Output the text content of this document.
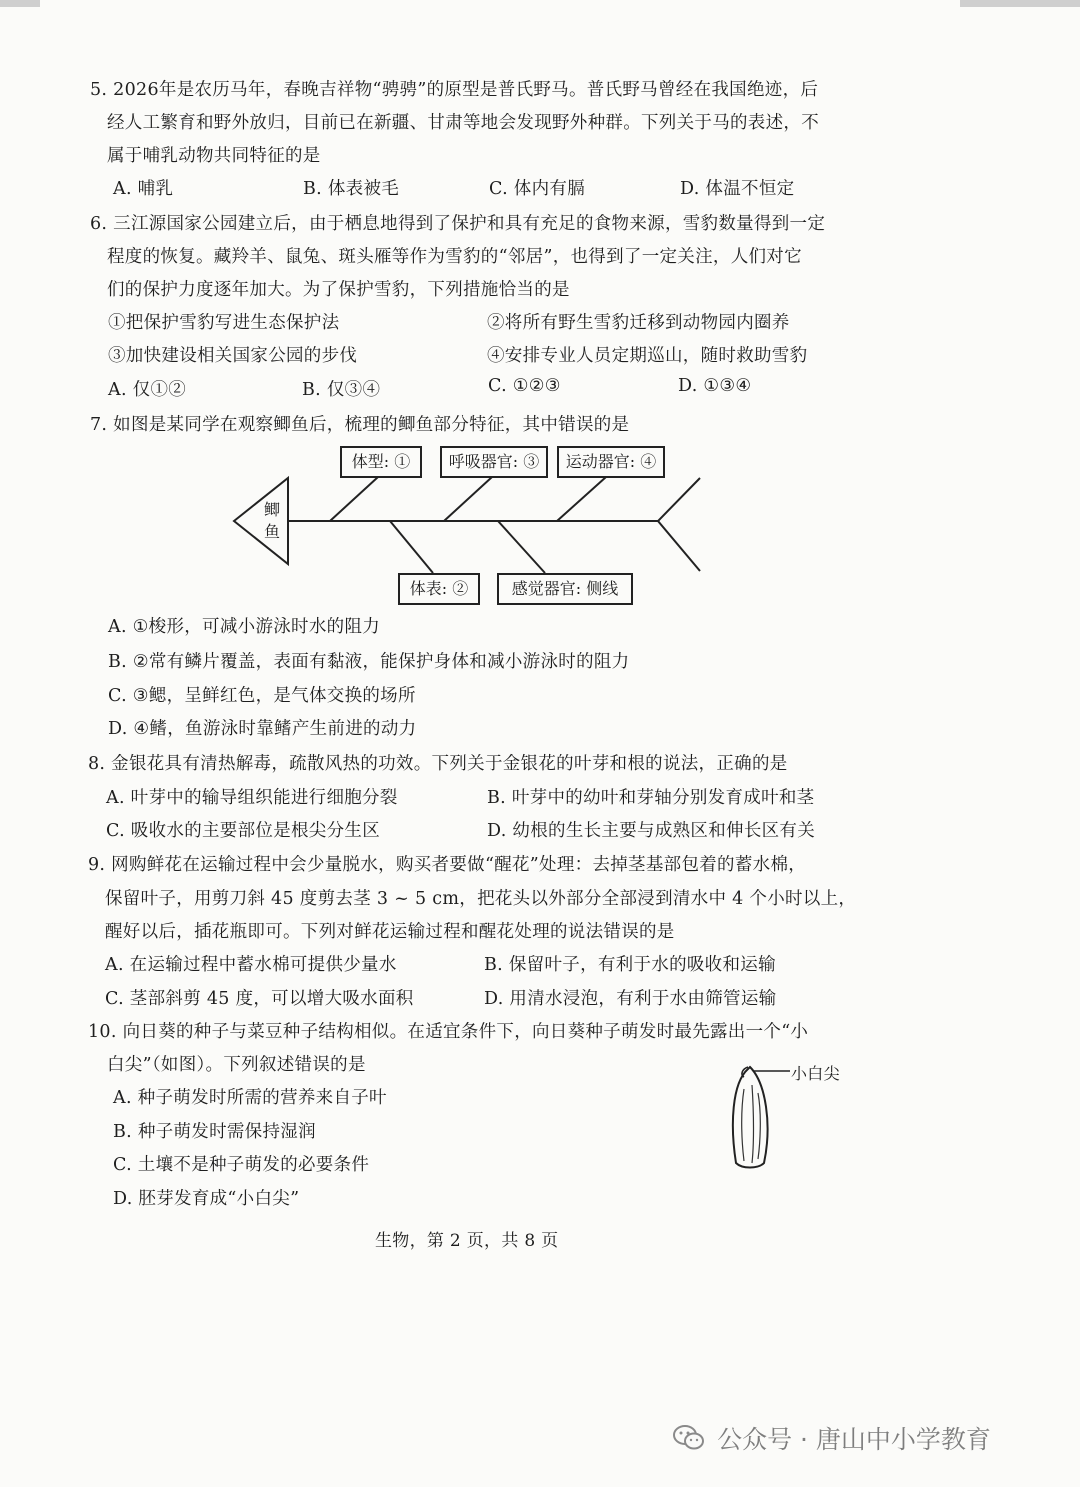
5. 2026年是农历马年，春晚吉祥物“骋骋”的原型是普氏野马。普氏野马曾经在我国绝迹，后
经人工繁育和野外放归，目前已在新疆、甘肃等地会发现野外种群。下列关于马的表述，不
属于哺乳动物共同特征的是
A. 哺乳	B. 体表被毛	C. 体内有膈	D. 体温不恒定
6. 三江源国家公园建立后，由于栖息地得到了保护和具有充足的食物来源，雪豹数量得到一定
程度的恢复。藏羚羊、鼠兔、斑头雁等作为雪豹的“邻居”，也得到了一定关注，人们对它
们的保护力度逐年加大。为了保护雪豹，下列措施恰当的是
①把保护雪豹写进生态保护法	②将所有野生雪豹迁移到动物园内圈养
③加快建设相关国家公园的步伐	④安排专业人员定期巡山，随时救助雪豹
A. 仅①②	B. 仅③④	C. ①②③	D. ①③④
7. 如图是某同学在观察鲫鱼后，梳理的鲫鱼部分特征，其中错误的是
鲫
鱼
体型: ①	呼吸器官: ③	运动器官: ④
体表: ②	感觉器官: 侧线
A. ①梭形，可减小游泳时水的阻力
B. ②常有鳞片覆盖，表面有黏液，能保护身体和减小游泳时的阻力
C. ③鳃，呈鲜红色，是气体交换的场所
D. ④鳍，鱼游泳时靠鳍产生前进的动力
8. 金银花具有清热解毒，疏散风热的功效。下列关于金银花的叶芽和根的说法，正确的是
A. 叶芽中的输导组织能进行细胞分裂	B. 叶芽中的幼叶和芽轴分别发育成叶和茎
C. 吸收水的主要部位是根尖分生区	D. 幼根的生长主要与成熟区和伸长区有关
9. 网购鲜花在运输过程中会少量脱水，购买者要做“醒花”处理：去掉茎基部包着的蓄水棉，
保留叶子，用剪刀斜 45 度剪去茎 3 ~ 5 cm，把花头以外部分全部浸到清水中 4 个小时以上，
醒好以后，插花瓶即可。下列对鲜花运输过程和醒花处理的说法错误的是
A. 在运输过程中蓄水棉可提供少量水	B. 保留叶子，有利于水的吸收和运输
C. 茎部斜剪 45 度，可以增大吸水面积	D. 用清水浸泡，有利于水由筛管运输
10. 向日葵的种子与菜豆种子结构相似。在适宜条件下，向日葵种子萌发时最先露出一个“小
白尖”（如图）。下列叙述错误的是
A. 种子萌发时所需的营养来自子叶
B. 种子萌发时需保持湿润
C. 土壤不是种子萌发的必要条件
D. 胚芽发育成“小白尖”
小白尖
生物，第 2 页，共 8 页
公众号 · 唐山中小学教育
